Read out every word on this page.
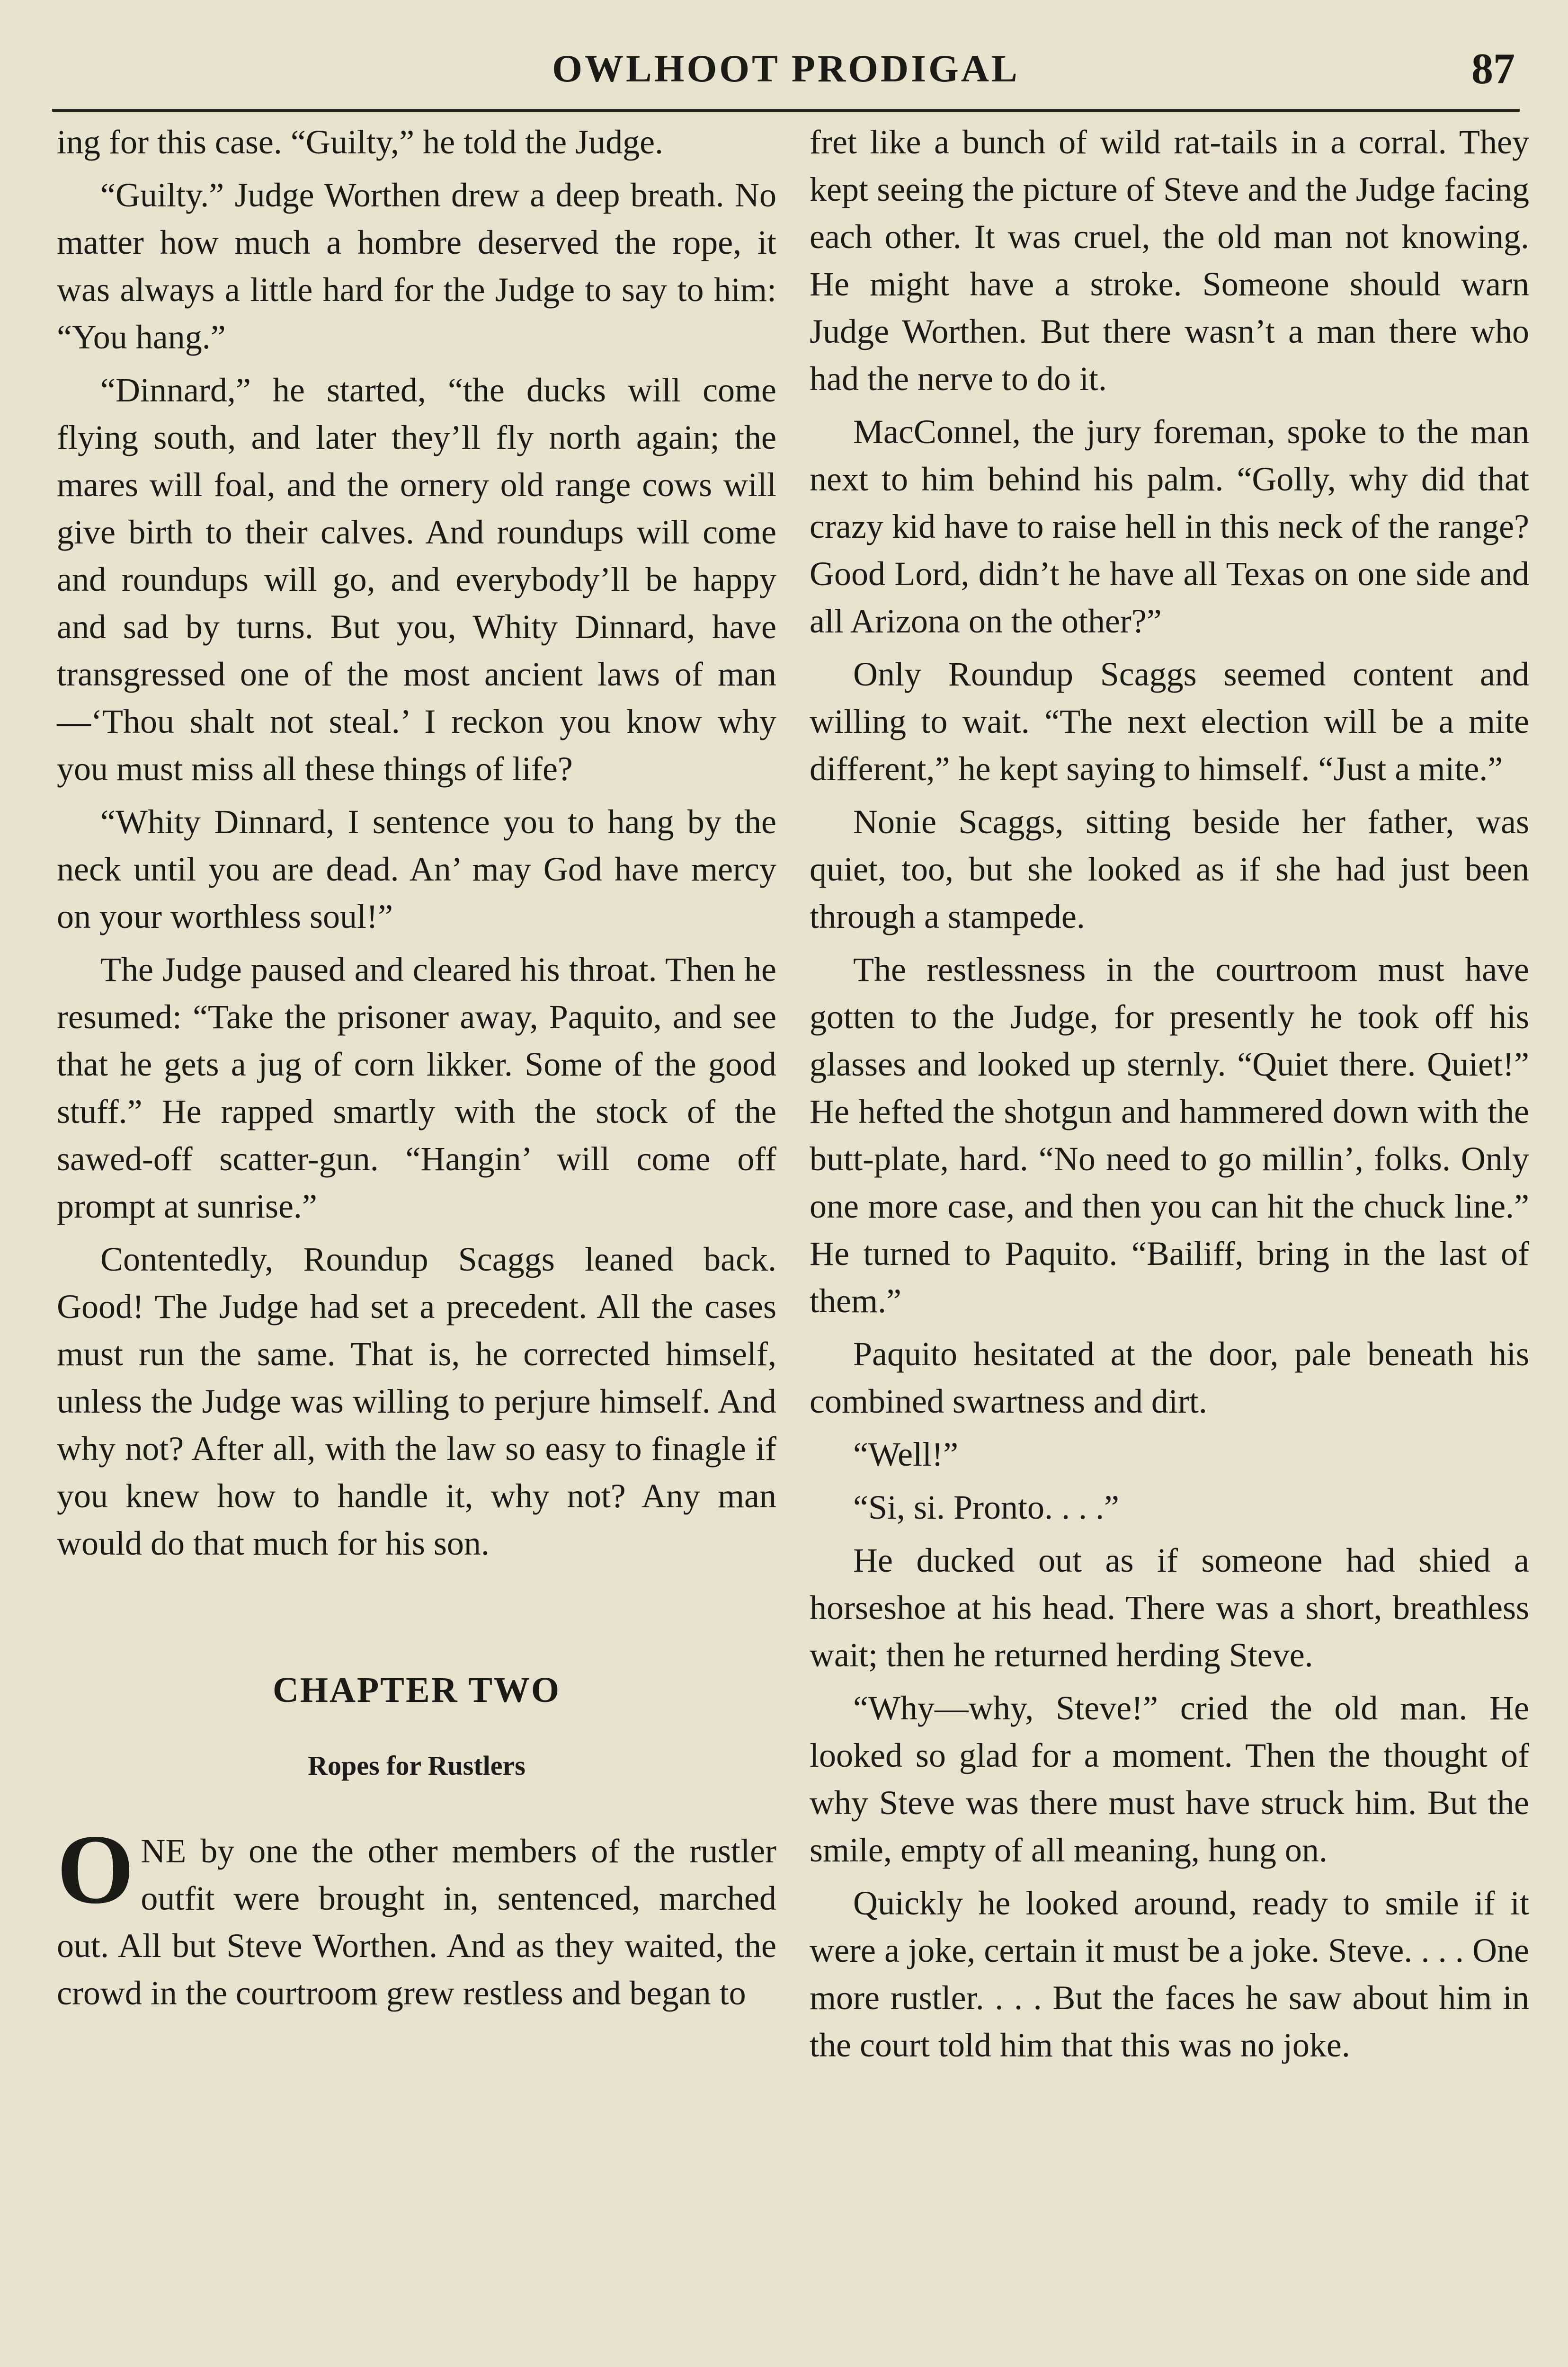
OWLHOOT PRODIGAL	87

ing for this case. “Guilty,” he told the Judge.

“Guilty.” Judge Worthen drew a deep breath. No matter how much a hombre deserved the rope, it was always a little hard for the Judge to say to him: “You hang.”

“Dinnard,” he started, “the ducks will come flying south, and later they’ll fly north again; the mares will foal, and the ornery old range cows will give birth to their calves. And roundups will come and roundups will go, and everybody’ll be happy and sad by turns. But you, Whity Dinnard, have transgressed one of the most ancient laws of man—‘Thou shalt not steal.’ I reckon you know why you must miss all these things of life?

“Whity Dinnard, I sentence you to hang by the neck until you are dead. An’ may God have mercy on your worthless soul!”

The Judge paused and cleared his throat. Then he resumed: “Take the prisoner away, Paquito, and see that he gets a jug of corn likker. Some of the good stuff.” He rapped smartly with the stock of the sawed-off scatter-gun. “Hangin’ will come off prompt at sunrise.”

Contentedly, Roundup Scaggs leaned back. Good! The Judge had set a precedent. All the cases must run the same. That is, he corrected himself, unless the Judge was willing to perjure himself. And why not? After all, with the law so easy to finagle if you knew how to handle it, why not? Any man would do that much for his son.

CHAPTER TWO
Ropes for Rustlers

ONE by one the other members of the rustler outfit were brought in, sentenced, marched out. All but Steve Worthen. And as they waited, the crowd in the courtroom grew restless and began to

fret like a bunch of wild rat-tails in a corral. They kept seeing the picture of Steve and the Judge facing each other. It was cruel, the old man not knowing. He might have a stroke. Someone should warn Judge Worthen. But there wasn’t a man there who had the nerve to do it.

MacConnel, the jury foreman, spoke to the man next to him behind his palm. “Golly, why did that crazy kid have to raise hell in this neck of the range? Good Lord, didn’t he have all Texas on one side and all Arizona on the other?”

Only Roundup Scaggs seemed content and willing to wait. “The next election will be a mite different,” he kept saying to himself. “Just a mite.”

Nonie Scaggs, sitting beside her father, was quiet, too, but she looked as if she had just been through a stampede.

The restlessness in the courtroom must have gotten to the Judge, for presently he took off his glasses and looked up sternly. “Quiet there. Quiet!” He hefted the shotgun and hammered down with the butt-plate, hard. “No need to go millin’, folks. Only one more case, and then you can hit the chuck line.” He turned to Paquito. “Bailiff, bring in the last of them.”

Paquito hesitated at the door, pale beneath his combined swartness and dirt.

“Well!”

“Si, si. Pronto. . . .”

He ducked out as if someone had shied a horseshoe at his head. There was a short, breathless wait; then he returned herding Steve.

“Why—why, Steve!” cried the old man. He looked so glad for a moment. Then the thought of why Steve was there must have struck him. But the smile, empty of all meaning, hung on.

Quickly he looked around, ready to smile if it were a joke, certain it must be a joke. Steve. . . . One more rustler. . . . But the faces he saw about him in the court told him that this was no joke.
